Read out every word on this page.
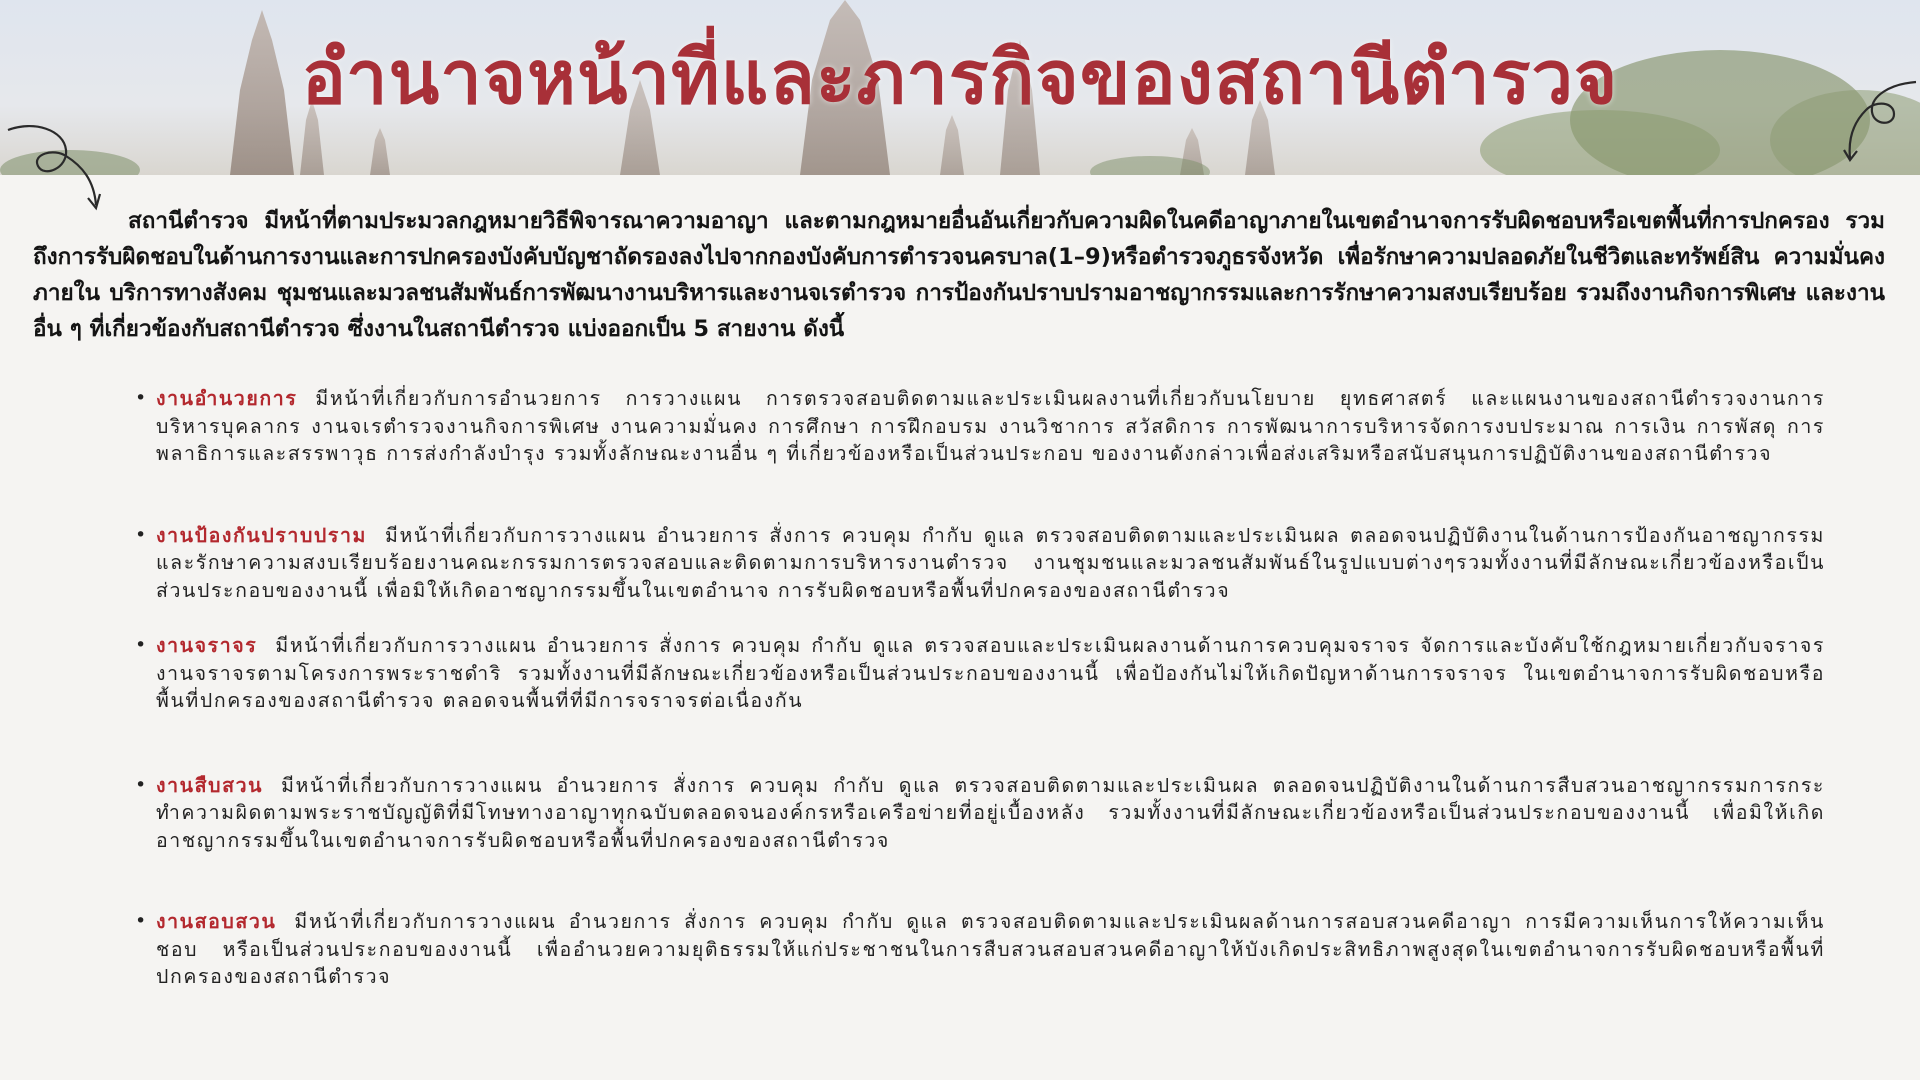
อำนาจหน้าที่และภารกิจของสถานีตำรวจ

สถานีตำรวจ มีหน้าที่ตามประมวลกฎหมายวิธีพิจารณาความอาญา และตามกฎหมายอื่นอันเกี่ยวกับความผิดในคดีอาญาภายในเขตอำนาจการรับผิดชอบหรือเขตพื้นที่การปกครอง รวมถึงการรับผิดชอบในด้านการงานและการปกครองบังคับบัญชาถัดรองลงไปจากกองบังคับการตำรวจนครบาล(1–9)หรือตำรวจภูธรจังหวัด เพื่อรักษาความปลอดภัยในชีวิตและทรัพย์สิน ความมั่นคงภายใน บริการทางสังคม ชุมชนและมวลชนสัมพันธ์การพัฒนางานบริหารและงานจเรตำรวจ การป้องกันปราบปรามอาชญากรรมและการรักษาความสงบเรียบร้อย รวมถึงงานกิจการพิเศษ และงานอื่น ๆ ที่เกี่ยวข้องกับสถานีตำรวจ ซึ่งงานในสถานีตำรวจ แบ่งออกเป็น 5 สายงาน ดังนี้

• งานอำนวยการ มีหน้าที่เกี่ยวกับการอำนวยการ การวางแผน การตรวจสอบติดตามและประเมินผลงานที่เกี่ยวกับนโยบาย ยุทธศาสตร์ และแผนงานของสถานีตำรวจงานการบริหารบุคลากร งานจเรตำรวจงานกิจการพิเศษ งานความมั่นคง การศึกษา การฝึกอบรม งานวิชาการ สวัสดิการ การพัฒนาการบริหารจัดการงบประมาณ การเงิน การพัสดุ การพลาธิการและสรรพาวุธ การส่งกำลังบำรุง รวมทั้งลักษณะงานอื่น ๆ ที่เกี่ยวข้องหรือเป็นส่วนประกอบ ของงานดังกล่าวเพื่อส่งเสริมหรือสนับสนุนการปฏิบัติงานของสถานีตำรวจ
• งานป้องกันปราบปราม มีหน้าที่เกี่ยวกับการวางแผน อำนวยการ สั่งการ ควบคุม กำกับ ดูแล ตรวจสอบติดตามและประเมินผล ตลอดจนปฏิบัติงานในด้านการป้องกันอาชญากรรมและรักษาความสงบเรียบร้อยงานคณะกรรมการตรวจสอบและติดตามการบริหารงานตำรวจ งานชุมชนและมวลชนสัมพันธ์ในรูปแบบต่างๆรวมทั้งงานที่มีลักษณะเกี่ยวข้องหรือเป็นส่วนประกอบของงานนี้ เพื่อมิให้เกิดอาชญากรรมขึ้นในเขตอำนาจ การรับผิดชอบหรือพื้นที่ปกครองของสถานีตำรวจ
• งานจราจร มีหน้าที่เกี่ยวกับการวางแผน อำนวยการ สั่งการ ควบคุม กำกับ ดูแล ตรวจสอบและประเมินผลงานด้านการควบคุมจราจร จัดการและบังคับใช้กฎหมายเกี่ยวกับจราจร งานจราจรตามโครงการพระราชดำริ รวมทั้งงานที่มีลักษณะเกี่ยวข้องหรือเป็นส่วนประกอบของงานนี้ เพื่อป้องกันไม่ให้เกิดปัญหาด้านการจราจร ในเขตอำนาจการรับผิดชอบหรือพื้นที่ปกครองของสถานีตำรวจ ตลอดจนพื้นที่ที่มีการจราจรต่อเนื่องกัน
• งานสืบสวน มีหน้าที่เกี่ยวกับการวางแผน อำนวยการ สั่งการ ควบคุม กำกับ ดูแล ตรวจสอบติดตามและประเมินผล ตลอดจนปฏิบัติงานในด้านการสืบสวนอาชญากรรมการกระทำความผิดตามพระราชบัญญัติที่มีโทษทางอาญาทุกฉบับตลอดจนองค์กรหรือเครือข่ายที่อยู่เบื้องหลัง รวมทั้งงานที่มีลักษณะเกี่ยวข้องหรือเป็นส่วนประกอบของงานนี้ เพื่อมิให้เกิดอาชญากรรมขึ้นในเขตอำนาจการรับผิดชอบหรือพื้นที่ปกครองของสถานีตำรวจ
• งานสอบสวน มีหน้าที่เกี่ยวกับการวางแผน อำนวยการ สั่งการ ควบคุม กำกับ ดูแล ตรวจสอบติดตามและประเมินผลด้านการสอบสวนคดีอาญา การมีความเห็นการให้ความเห็นชอบ หรือเป็นส่วนประกอบของงานนี้ เพื่ออำนวยความยุติธรรมให้แก่ประชาชนในการสืบสวนสอบสวนคดีอาญาให้บังเกิดประสิทธิภาพสูงสุดในเขตอำนาจการรับผิดชอบหรือพื้นที่ปกครองของสถานีตำรวจ
